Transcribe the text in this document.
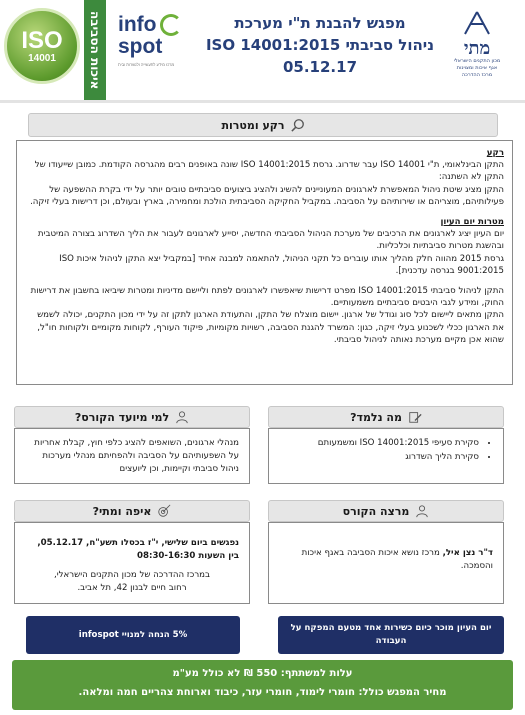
ISO
14001	איכות הסביבה info
spot
מרכז מידע לתעשייה ולנשרות ובית
מפגש להבנת ת"י מערכת
ניהול סביבתי ISO 14001:2015
05.12.17
מתי
מכון התקנים הישראלי
אגף איכות ומצוינות
מרכז ההדרכה
רקע ומטרות

רקע

התקן הבינלאומי, ת"י ISO 14001 עבר שדרוג. גרסת ISO 14001:2015 שונה באופנים רבים מהגרסה הקודמת. כמובן שייעודו של התקן לא השתנה:

התקן מציג שיטת ניהול המאפשרת לארגונים המעוניינים להשיג ולהציג ביצועים סביבתיים טובים יותר על ידי בקרת ההשפעה של פעילותיהם, מוצריהם או שירותיהם על הסביבה. במקביל החקיקה הסביבתית הולכת ומחמירה, בארץ ובעולם, וכן דרישות בעלי זיקה.

מטרות יום העיון

יום העיון יציג לארגונים את הרכיבים של מערכת הניהול הסביבתי החדשה, יסייע לארגונים לעבור את הליך השדרוג בצורה המיטבית ובהשגת מטרות סביבתיות וכלכליות.

גרסת 2015 מהווה חלק מהליך אותו עוברים כל תקני הניהול, להתאמה למבנה אחיד [במקביל יצא התקן לניהול איכות ISO 9001:2015 בגרסה עדכנית].

התקן לניהול סביבתי ISO 14001:2015 מפרט דרישות שיאפשרו לארגונים לפתח וליישם מדיניות ומטרות שיביאו בחשבון את דרישות החוק, ומידע לגבי היבטים סביבתיים משמעותיים.

התקן מתאים ליישום לכל סוג וגודל של ארגון. יישום מוצלח של התקן, והתעודת הארגון לתקן זה על ידי מכון התקנים, יכולה לשמש את הארגון ככלי לשכנוע בעלי זיקה, כגון: המשרד להגנת הסביבה, רשויות מקומיות, פיקוד העורף, לקוחות מקומיים ולקוחות חו"ל, שהוא אכן מקיים מערכת נאותה לניהול סביבתי.

מה נלמד?
• סקירת סעיפי ISO 14001:2015 ומשמעותם
• סקירת הליך השדרוג
למי מיועד הקורס?

מנהלי ארגונים, השואפים להציג כלפי חוץ, קבלת אחריות על השפעותיהם על הסביבה ולהפחיתם מנהלי מערכות ניהול סביבתי וקיימות, וכן ליועצים

מרצה הקורס

ד"ר נצן איל, מרכז נושא איכות הסביבה באגף איכות והסמכה.

איפה ומתי?

נפגשים ביום שלישי, י"ז בכסלו תשע"ח, 05.12.17,

בין השעות 08:30-16:30

במרכז ההדרכה של מכון התקנים הישראלי,

רחוב חיים לבנון 42, תל אביב.

יום העיון מוכר כיום כשירות אחד מטעם המפקח על העבודה
5% הנחה למנויי infospot
עלות למשתתף: 550 ₪ לא כולל מע"מ
מחיר המפגש כולל: חומרי לימוד, חומרי עזר, כיבוד וארוחת צהריים חמה ומלאה.
